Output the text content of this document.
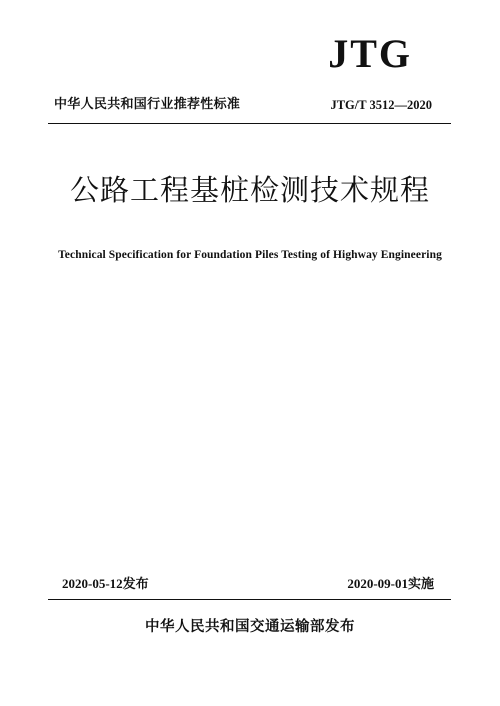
JTG
中华人民共和国行业推荐性标准	JTG/T 3512—2020
公路工程基桩检测技术规程
Technical Specification for Foundation Piles Testing of Highway Engineering
2020-05-12发布	2020-09-01实施
中华人民共和国交通运输部发布
